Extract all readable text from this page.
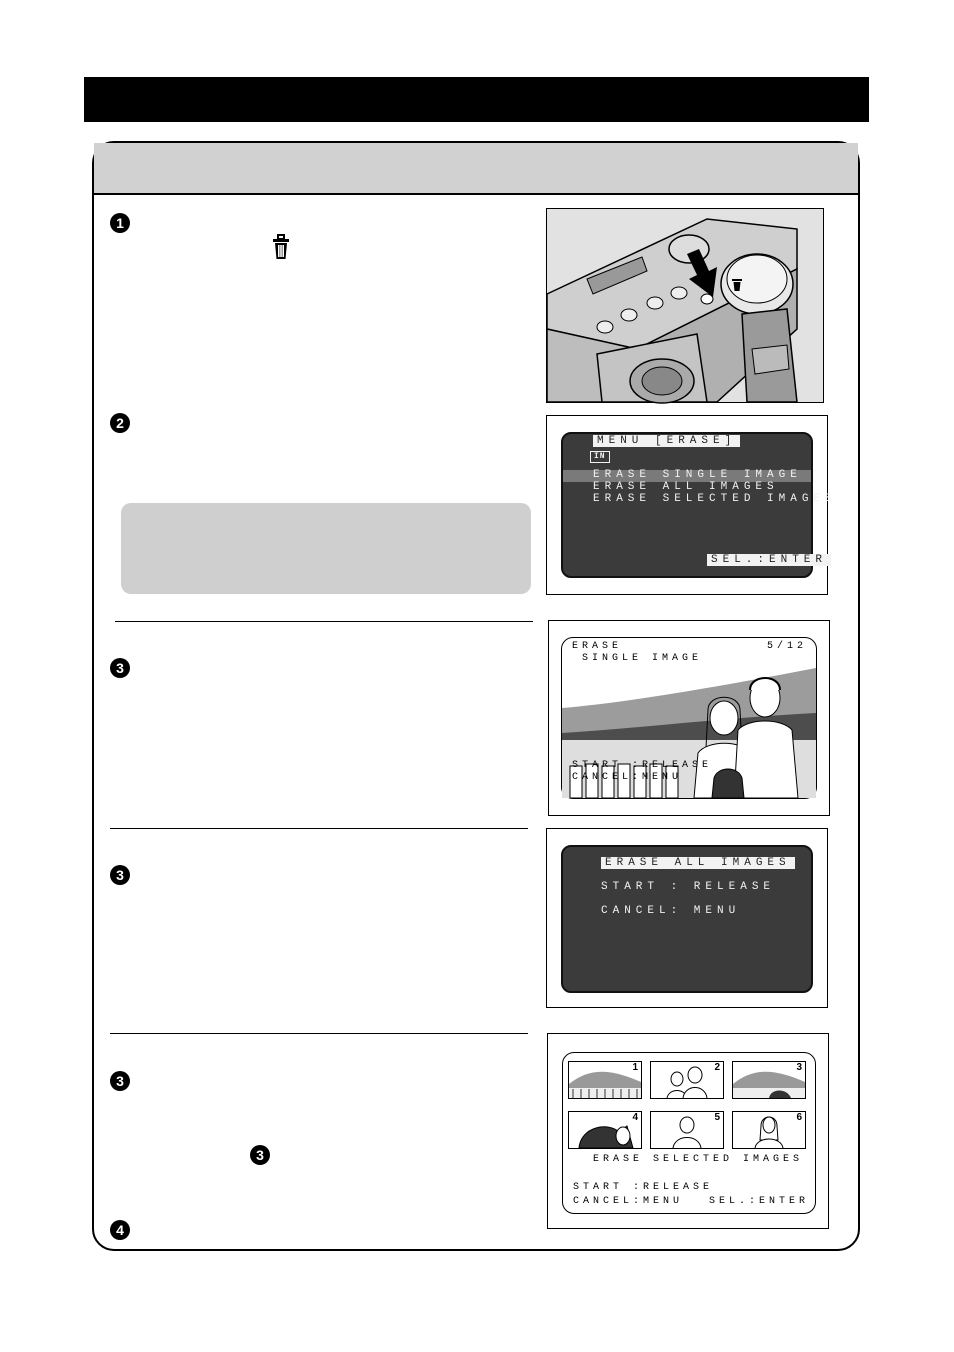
1
2
3
3
3
3
4
MENU [ERASE]
IN
ERASE SINGLE IMAGE
ERASE ALL IMAGES
ERASE SELECTED IMAGES
SEL.:ENTER
ERASE
SINGLE IMAGE
5/12
START :RELEASE
CANCEL:MENU
ERASE ALL IMAGES
START : RELEASE
CANCEL: MENU
1	2	3
4	5	6
ERASE SELECTED IMAGES
START :RELEASE
CANCEL:MENU	SEL.:ENTER
